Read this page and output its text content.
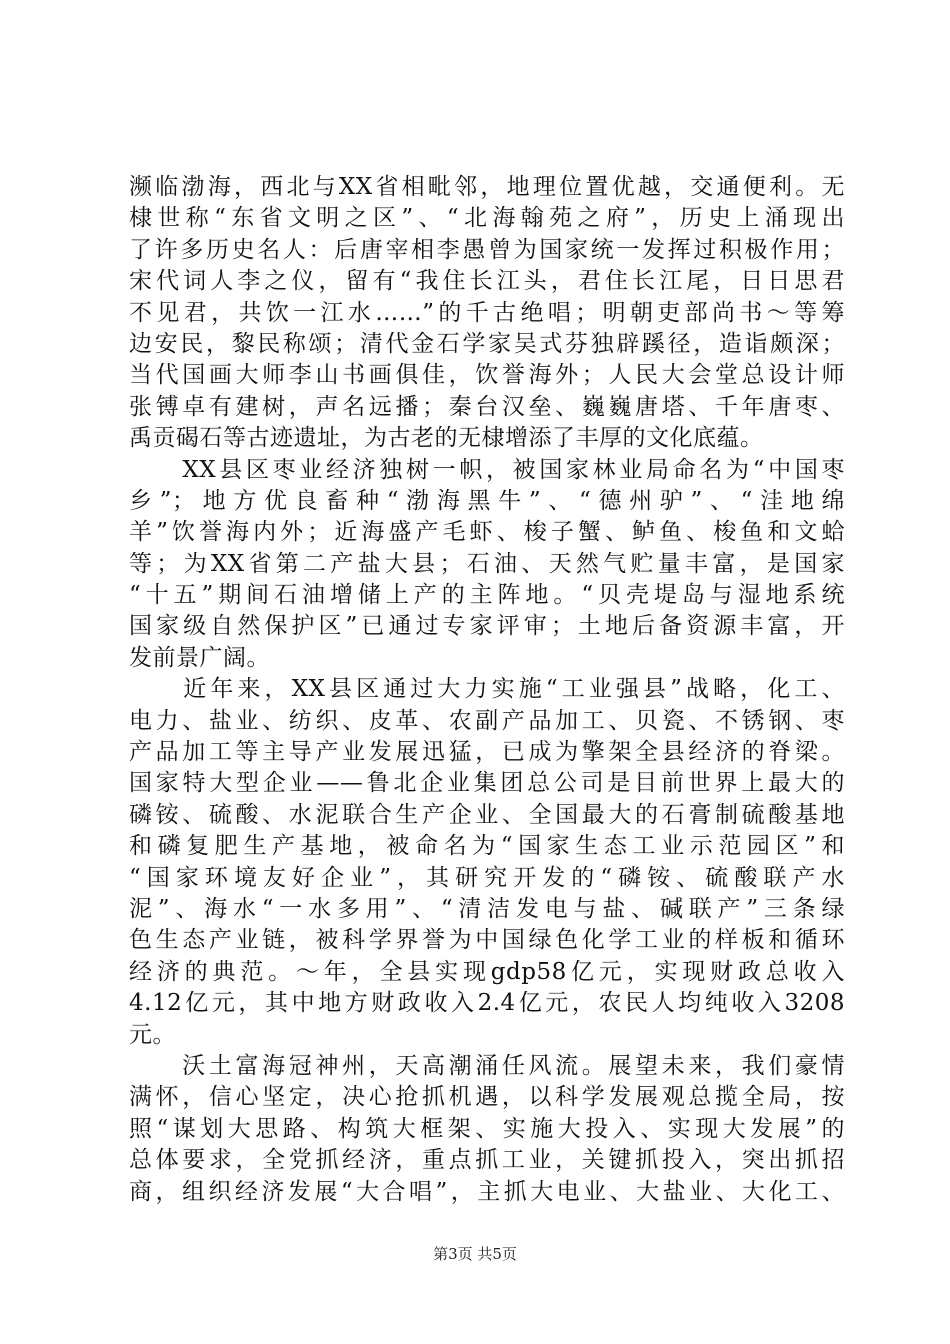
濒临渤海，西北与XX省相毗邻，地理位置优越，交通便利。无
棣世称“东省文明之区”、“北海翰苑之府”，历史上涌现出
了许多历史名人：后唐宰相李愚曾为国家统一发挥过积极作用；
宋代词人李之仪，留有“我住长江头，君住长江尾，日日思君
不见君，共饮一江水……”的千古绝唱；明朝吏部尚书～等筹
边安民，黎民称颂；清代金石学家吴式芬独辟蹊径，造诣颇深；
当代国画大师李山书画俱佳，饮誉海外；人民大会堂总设计师
张镈卓有建树，声名远播；秦台汉垒、巍巍唐塔、千年唐枣、
禹贡碣石等古迹遗址，为古老的无棣增添了丰厚的文化底蕴。
　　XX县区枣业经济独树一帜，被国家林业局命名为“中国枣
乡”；地方优良畜种“渤海黑牛”、“德州驴”、“洼地绵
羊”饮誉海内外；近海盛产毛虾、梭子蟹、鲈鱼、梭鱼和文蛤
等；为XX省第二产盐大县；石油、天然气贮量丰富，是国家
“十五”期间石油增储上产的主阵地。“贝壳堤岛与湿地系统
国家级自然保护区”已通过专家评审；土地后备资源丰富，开
发前景广阔。
　　近年来，XX县区通过大力实施“工业强县”战略，化工、
电力、盐业、纺织、皮革、农副产品加工、贝瓷、不锈钢、枣
产品加工等主导产业发展迅猛，已成为擎架全县经济的脊梁。
国家特大型企业——鲁北企业集团总公司是目前世界上最大的
磷铵、硫酸、水泥联合生产企业、全国最大的石膏制硫酸基地
和磷复肥生产基地，被命名为“国家生态工业示范园区”和
“国家环境友好企业”，其研究开发的“磷铵、硫酸联产水
泥”、海水“一水多用”、“清洁发电与盐、碱联产”三条绿
色生态产业链，被科学界誉为中国绿色化学工业的样板和循环
经济的典范。～年，全县实现gdp58亿元，实现财政总收入
4.12亿元，其中地方财政收入2.4亿元，农民人均纯收入3208
元。
　　沃土富海冠神州，天高潮涌任风流。展望未来，我们豪情
满怀，信心坚定，决心抢抓机遇，以科学发展观总揽全局，按
照“谋划大思路、构筑大框架、实施大投入、实现大发展”的
总体要求，全党抓经济，重点抓工业，关键抓投入，突出抓招
商，组织经济发展“大合唱”，主抓大电业、大盐业、大化工、
第3页 共5页
